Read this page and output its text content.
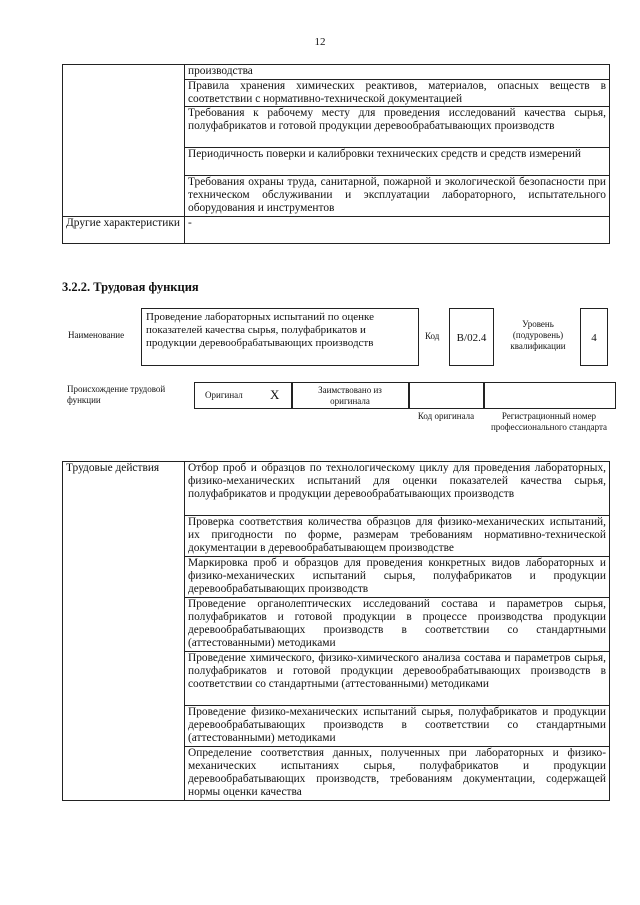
12
	производства
	Правила хранения химических реактивов, материалов, опасных веществ в соответствии с нормативно-технической документацией
	Требования к рабочему месту для проведения исследований качества сырья, полуфабрикатов и готовой продукции деревообрабатывающих производств
	Периодичность поверки и калибровки технических средств и средств измерений
	Требования охраны труда, санитарной, пожарной и экологической безопасности при техническом обслуживании и эксплуатации лабораторного, испытательного оборудования и инструментов
Другие характеристики	-
3.2.2. Трудовая функция
Наименование
Проведение лабораторных испытаний по оценке показателей качества сырья, полуфабрикатов и продукции деревообрабатывающих производств
Код	В/02.4
Уровень (подуровень) квалификации
4
Происхождение трудовой функции	Оригинал	X	Заимствовано из оригинала
Код оригинала	Регистрационный номер профессионального стандарта
Трудовые действия	Отбор проб и образцов по технологическому циклу для проведения лабораторных, физико-механических испытаний для оценки показателей качества сырья, полуфабрикатов и продукции деревообрабатывающих производств
Проверка соответствия количества образцов для физико-механических испытаний, их пригодности по форме, размерам требованиям нормативно-технической документации в деревообрабатывающем производстве
Маркировка проб и образцов для проведения конкретных видов лабораторных и физико-механических испытаний сырья, полуфабрикатов и продукции деревообрабатывающих производств
Проведение органолептических исследований состава и параметров сырья, полуфабрикатов и готовой продукции в процессе производства продукции деревообрабатывающих производств в соответствии со стандартными (аттестованными) методиками
Проведение химического, физико-химического анализа состава и параметров сырья, полуфабрикатов и готовой продукции деревообрабатывающих производств в соответствии со стандартными (аттестованными) методиками
Проведение физико-механических испытаний сырья, полуфабрикатов и продукции деревообрабатывающих производств в соответствии со стандартными (аттестованными) методиками
Определение соответствия данных, полученных при лабораторных и физико-механических испытаниях сырья, полуфабрикатов и продукции деревообрабатывающих производств, требованиям документации, содержащей нормы оценки качества
